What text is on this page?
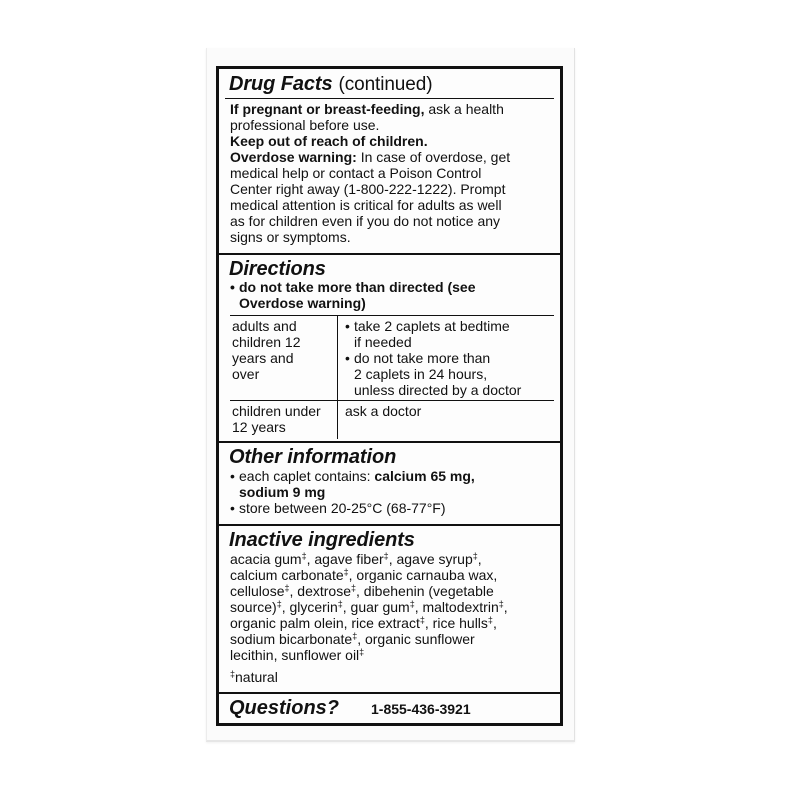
Drug Facts (continued)
If pregnant or breast-feeding, ask a health
professional before use.
Keep out of reach of children.
Overdose warning: In case of overdose, get
medical help or contact a Poison Control
Center right away (1-800-222-1222). Prompt
medical attention is critical for adults as well
as for children even if you do not notice any
signs or symptoms.
Directions
• do not take more than directed (see
Overdose warning)
adults and
children 12
years and
over
• take 2 caplets at bedtime
if needed
• do not take more than
2 caplets in 24 hours,
unless directed by a doctor
children under
12 years
ask a doctor
Other information
• each caplet contains: calcium 65 mg,
sodium 9 mg
• store between 20-25°C (68-77°F)
Inactive ingredients
acacia gum‡, agave fiber‡, agave syrup‡,
calcium carbonate‡, organic carnauba wax,
cellulose‡, dextrose‡, dibehenin (vegetable
source)‡, glycerin‡, guar gum‡, maltodextrin‡,
organic palm olein, rice extract‡, rice hulls‡,
sodium bicarbonate‡, organic sunflower
lecithin, sunflower oil‡
‡natural
Questions? 1-855-436-3921
